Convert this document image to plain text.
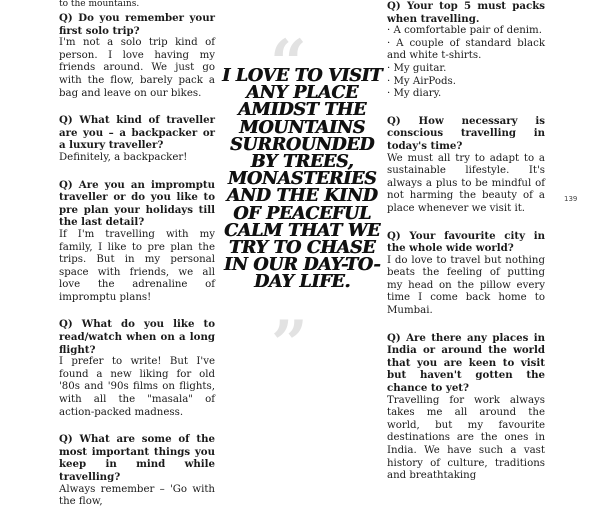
to the mountains.

Q) Do you remember your first solo trip?

I'm not a solo trip kind of person. I love having my friends around. We just go with the flow, barely pack a bag and leave on our bikes.

Q) What kind of traveller are you – a backpacker or a luxury traveller?

Definitely, a backpacker!

Q) Are you an impromptu traveller or do you like to pre plan your holidays till the last detail?

If I'm travelling with my family, I like to pre plan the trips. But in my personal space with friends, we all love the adrenaline of impromptu plans!

Q) What do you like to read/watch when on a long flight?

I prefer to write! But I've found a new liking for old '80s and '90s films on flights, with all the "masala" of action-packed madness.

Q) What are some of the most important things you keep in mind while travelling?

Always remember – 'Go with the flow,

“

I LOVE TO VISIT ANY PLACE AMIDST THE MOUNTAINS SURROUNDED BY TREES, MONASTERIES AND THE KIND OF PEACEFUL CALM THAT WE TRY TO CHASE IN OUR DAY-TO-DAY LIFE.

”

Q) Your top 5 must packs when travelling.

· A comfortable pair of denim.
· A couple of standard black and white t-shirts.
· My guitar.
· My AirPods.
· My diary.

Q) How necessary is conscious travelling in today's time?

We must all try to adapt to a sustainable lifestyle. It's always a plus to be mindful of not harming the beauty of a place whenever we visit it.

Q) Your favourite city in the whole wide world?

I do love to travel but nothing beats the feeling of putting my head on the pillow every time I come back home to Mumbai.

Q) Are there any places in India or around the world that you are keen to visit but haven't gotten the chance to yet?

Travelling for work always takes me all around the world, but my favourite destinations are the ones in India. We have such a vast history of culture, traditions and breathtaking

139
